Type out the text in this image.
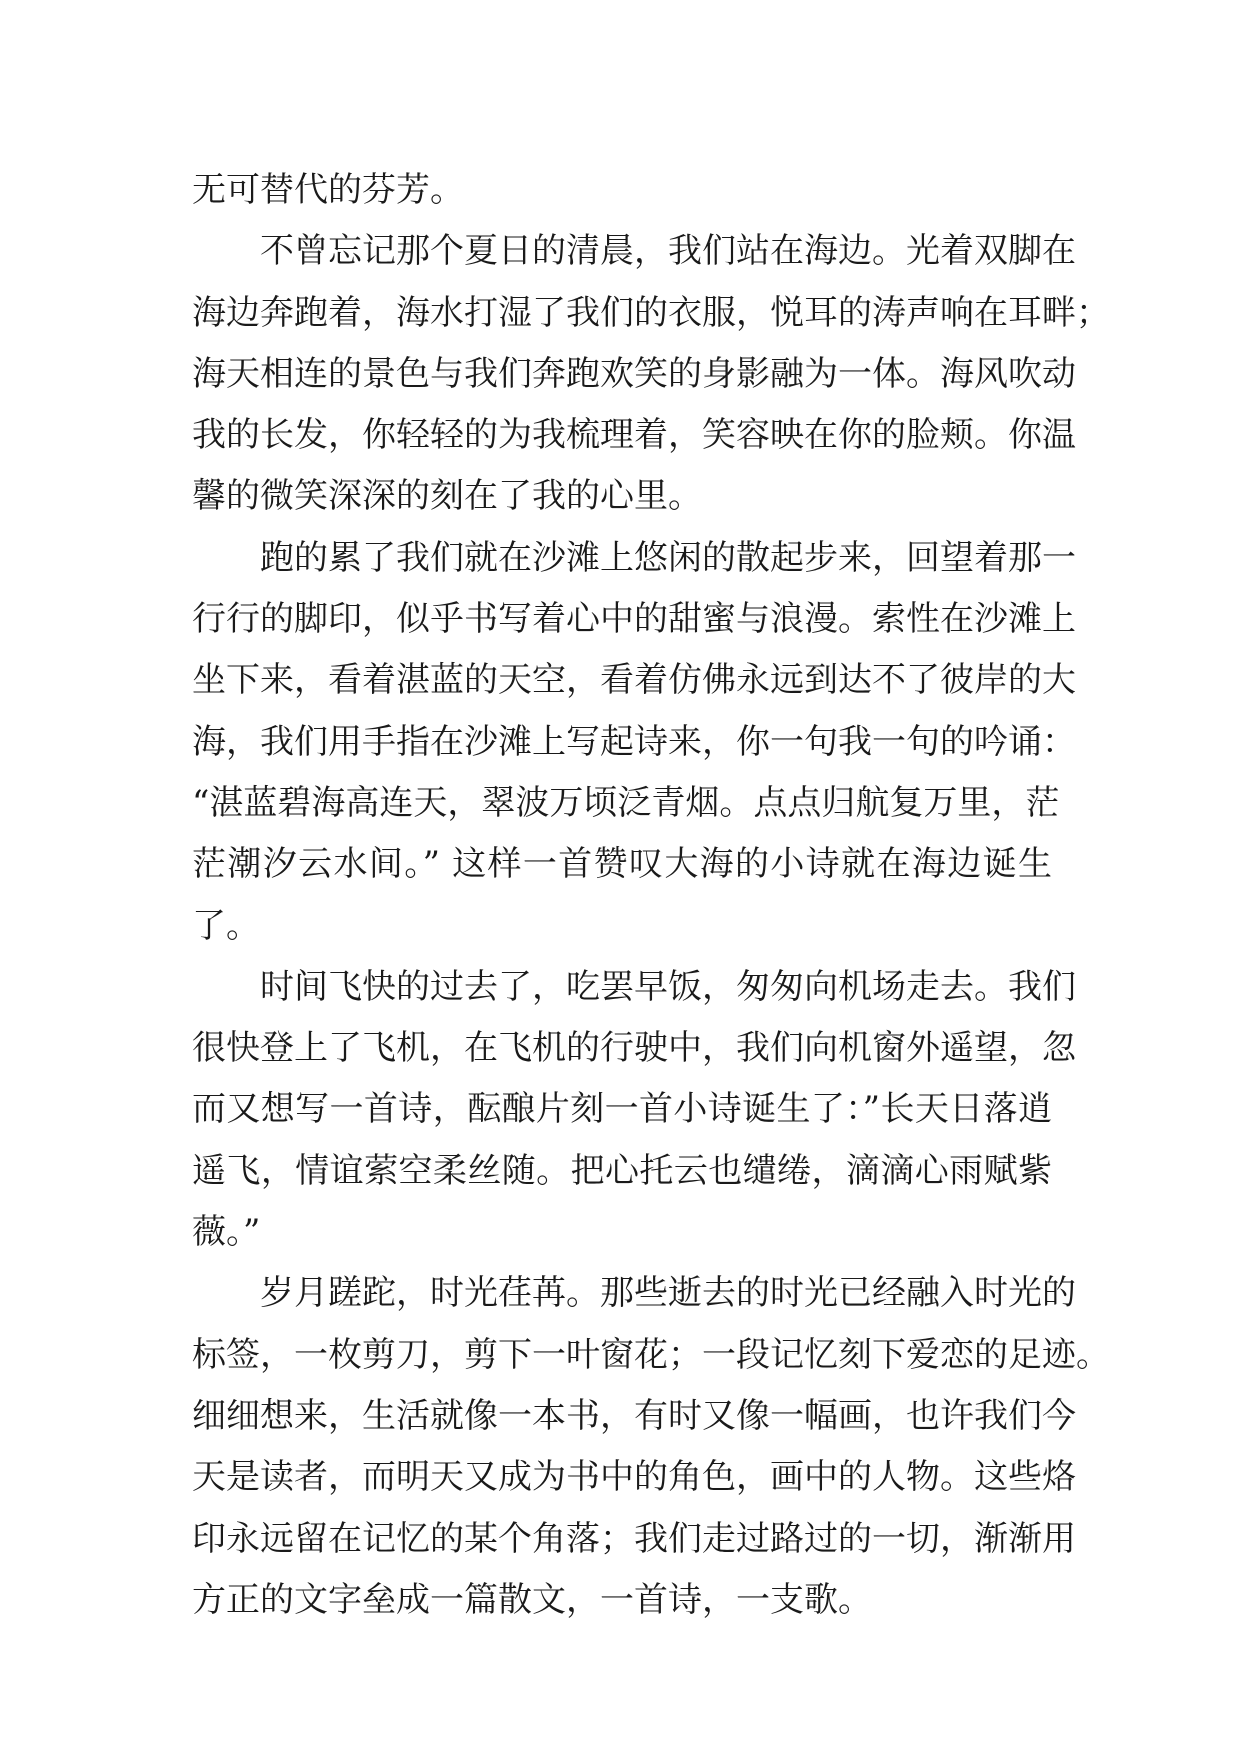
无可替代的芬芳。
不曾忘记那个夏日的清晨，我们站在海边。光着双脚在
海边奔跑着，海水打湿了我们的衣服，悦耳的涛声响在耳畔；
海天相连的景色与我们奔跑欢笑的身影融为一体。海风吹动
我的长发，你轻轻的为我梳理着，笑容映在你的脸颊。你温
馨的微笑深深的刻在了我的心里。
跑的累了我们就在沙滩上悠闲的散起步来，回望着那一
行行的脚印，似乎书写着心中的甜蜜与浪漫。索性在沙滩上
坐下来，看着湛蓝的天空，看着仿佛永远到达不了彼岸的大
海，我们用手指在沙滩上写起诗来，你一句我一句的吟诵：
“湛蓝碧海高连天，翠波万顷泛青烟。点点归航复万里，茫
茫潮汐云水间。” 这样一首赞叹大海的小诗就在海边诞生
了。
时间飞快的过去了，吃罢早饭，匆匆向机场走去。我们
很快登上了飞机，在飞机的行驶中，我们向机窗外遥望，忽
而又想写一首诗，酝酿片刻一首小诗诞生了：”长天日落逍
遥飞，情谊萦空柔丝随。把心托云也缱绻，滴滴心雨赋紫
薇。”
岁月蹉跎，时光荏苒。那些逝去的时光已经融入时光的
标签，一枚剪刀，剪下一叶窗花；一段记忆刻下爱恋的足迹。
细细想来，生活就像一本书，有时又像一幅画，也许我们今
天是读者，而明天又成为书中的角色，画中的人物。这些烙
印永远留在记忆的某个角落；我们走过路过的一切，渐渐用
方正的文字垒成一篇散文，一首诗，一支歌。
